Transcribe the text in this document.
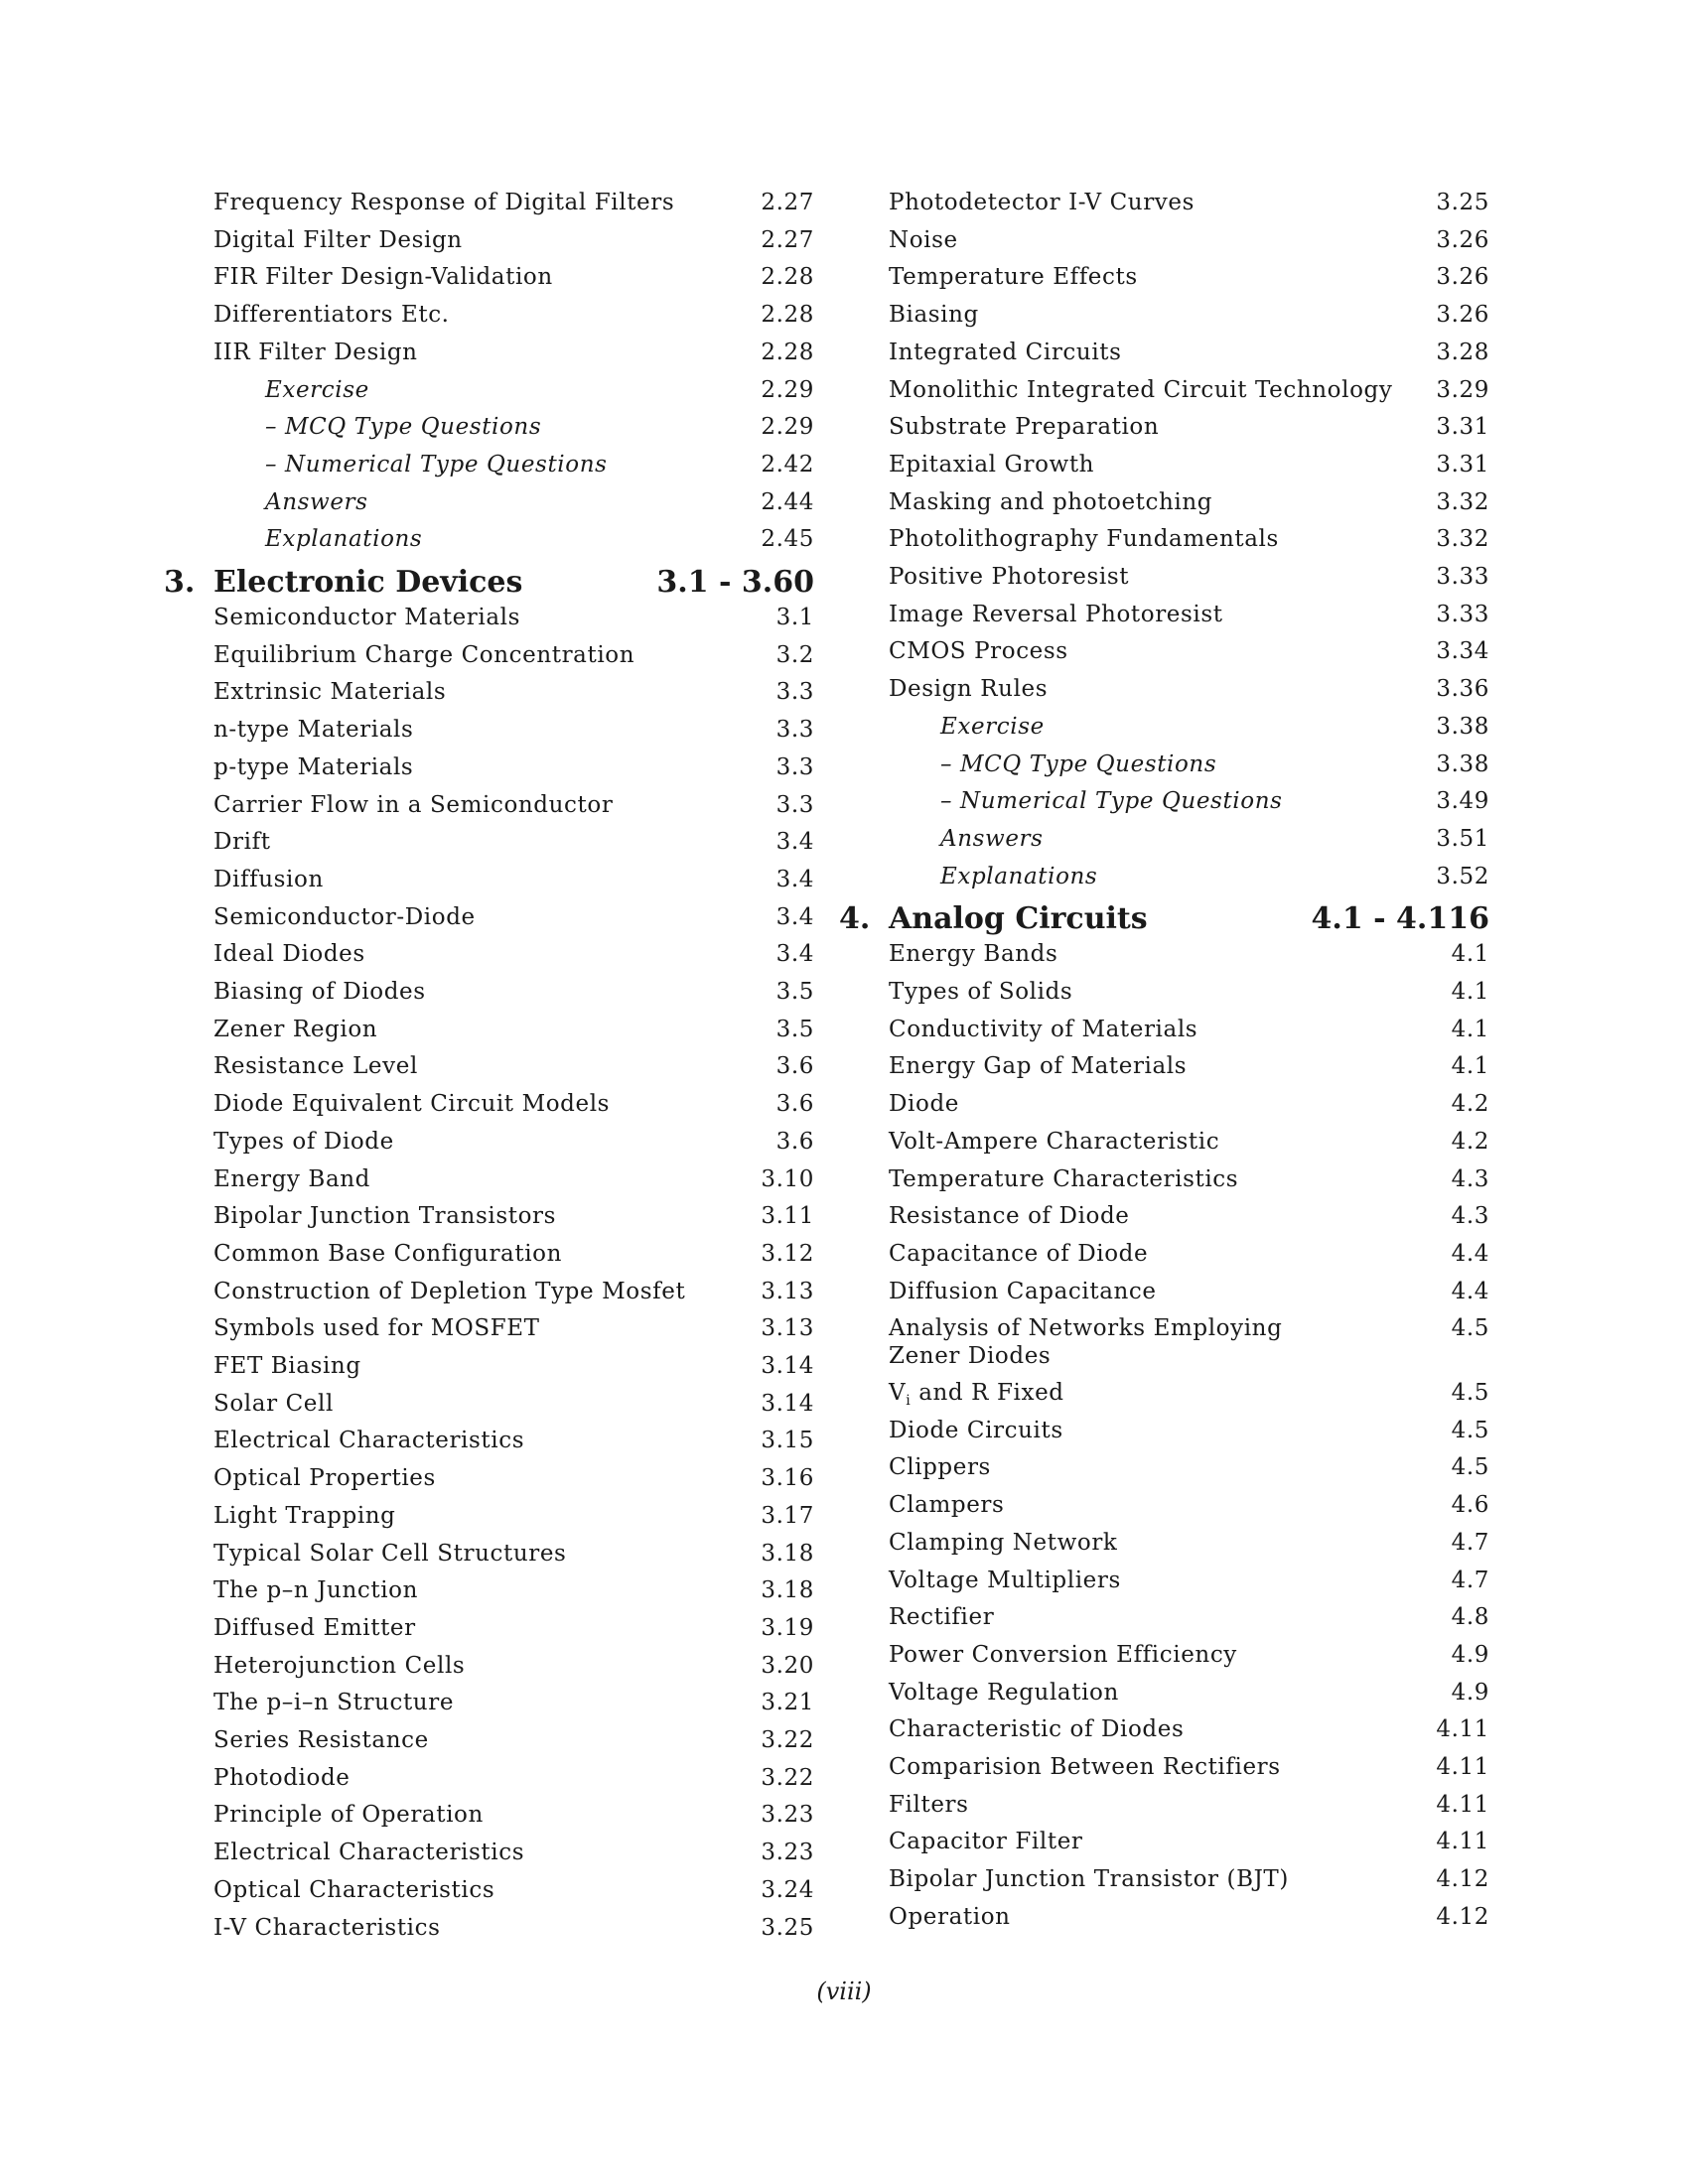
Frequency Response of Digital Filters	2.27
Digital Filter Design	2.27
FIR Filter Design-Validation	2.28
Differentiators Etc.	2.28
IIR Filter Design	2.28
Exercise	2.29
– MCQ Type Questions	2.29
– Numerical Type Questions	2.42
Answers	2.44
Explanations	2.45
3. Electronic Devices	3.1 - 3.60
Semiconductor Materials	3.1
Equilibrium Charge Concentration	3.2
Extrinsic Materials	3.3
n-type Materials	3.3
p-type Materials	3.3
Carrier Flow in a Semiconductor	3.3
Drift	3.4
Diffusion	3.4
Semiconductor-Diode	3.4
Ideal Diodes	3.4
Biasing of Diodes	3.5
Zener Region	3.5
Resistance Level	3.6
Diode Equivalent Circuit Models	3.6
Types of Diode	3.6
Energy Band	3.10
Bipolar Junction Transistors	3.11
Common Base Configuration	3.12
Construction of Depletion Type Mosfet	3.13
Symbols used for MOSFET	3.13
FET Biasing	3.14
Solar Cell	3.14
Electrical Characteristics	3.15
Optical Properties	3.16
Light Trapping	3.17
Typical Solar Cell Structures	3.18
The p–n Junction	3.18
Diffused Emitter	3.19
Heterojunction Cells	3.20
The p–i–n Structure	3.21
Series Resistance	3.22
Photodiode	3.22
Principle of Operation	3.23
Electrical Characteristics	3.23
Optical Characteristics	3.24
I-V Characteristics	3.25
Photodetector I-V Curves	3.25
Noise	3.26
Temperature Effects	3.26
Biasing	3.26
Integrated Circuits	3.28
Monolithic Integrated Circuit Technology 3.29
Substrate Preparation	3.31
Epitaxial Growth	3.31
Masking and photoetching	3.32
Photolithography Fundamentals	3.32
Positive Photoresist	3.33
Image Reversal Photoresist	3.33
CMOS Process	3.34
Design Rules	3.36
Exercise	3.38
– MCQ Type Questions	3.38
– Numerical Type Questions	3.49
Answers	3.51
Explanations	3.52
4. Analog Circuits	4.1 - 4.116
Energy Bands	4.1
Types of Solids	4.1
Conductivity of Materials	4.1
Energy Gap of Materials	4.1
Diode	4.2
Volt-Ampere Characteristic	4.2
Temperature Characteristics	4.3
Resistance of Diode	4.3
Capacitance of Diode	4.4
Diffusion Capacitance	4.4
Analysis of Networks Employing
Zener Diodes
4.5
$V_i$ and R Fixed	4.5
Diode Circuits	4.5
Clippers	4.5
Clampers	4.6
Clamping Network	4.7
Voltage Multipliers	4.7
Rectifier	4.8
Power Conversion Efficiency	4.9
Voltage Regulation	4.9
Characteristic of Diodes	4.11
Comparision Between Rectifiers	4.11
Filters	4.11
Capacitor Filter	4.11
Bipolar Junction Transistor (BJT)	4.12
Operation	4.12
(viii)
